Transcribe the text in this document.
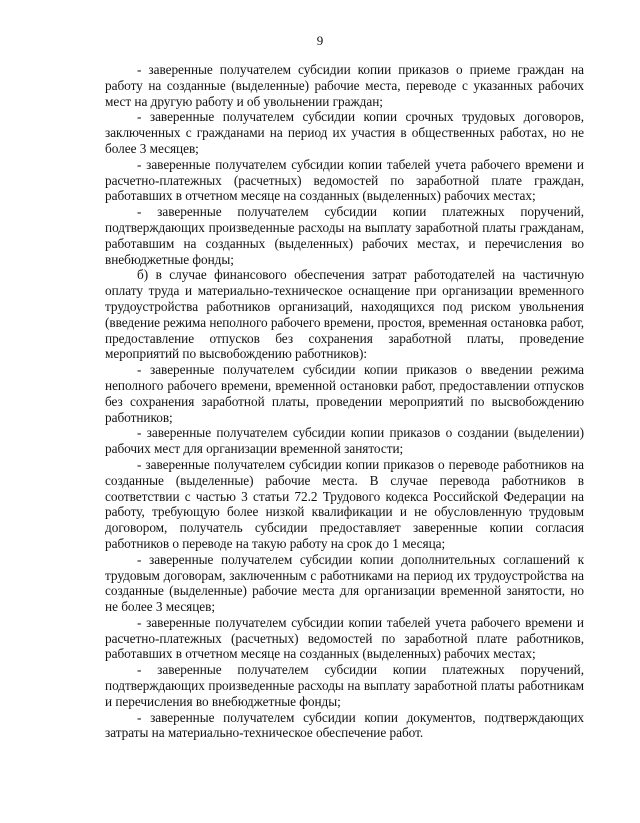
9

- заверенные получателем субсидии копии приказов о приеме граждан на работу на созданные (выделенные) рабочие места, переводе с указанных рабочих мест на другую работу и об увольнении граждан;

- заверенные получателем субсидии копии срочных трудовых договоров, заключенных с гражданами на период их участия в общественных работах, но не более 3 месяцев;

- заверенные получателем субсидии копии табелей учета рабочего времени и расчетно-платежных (расчетных) ведомостей по заработной плате граждан, работавших в отчетном месяце на созданных (выделенных) рабочих местах;

- заверенные получателем субсидии копии платежных поручений, подтверждающих произведенные расходы на выплату заработной платы гражданам, работавшим на созданных (выделенных) рабочих местах, и перечисления во внебюджетные фонды;

б) в случае финансового обеспечения затрат работодателей на частичную оплату труда и материально-техническое оснащение при организации временного трудоустройства работников организаций, находящихся под риском увольнения (введение режима неполного рабочего времени, простоя, временная остановка работ, предоставление отпусков без сохранения заработной платы, проведение мероприятий по высвобождению работников):

- заверенные получателем субсидии копии приказов о введении режима неполного рабочего времени, временной остановки работ, предоставлении отпусков без сохранения заработной платы, проведении мероприятий по высвобождению работников;

- заверенные получателем субсидии копии приказов о создании (выделении) рабочих мест для организации временной занятости;

- заверенные получателем субсидии копии приказов о переводе работников на созданные (выделенные) рабочие места. В случае перевода работников в соответствии с частью 3 статьи 72.2 Трудового кодекса Российской Федерации на работу, требующую более низкой квалификации и не обусловленную трудовым договором, получатель субсидии предоставляет заверенные копии согласия работников о переводе на такую работу на срок до 1 месяца;

- заверенные получателем субсидии копии дополнительных соглашений к трудовым договорам, заключенным с работниками на период их трудоустройства на созданные (выделенные) рабочие места для организации временной занятости, но не более 3 месяцев;

- заверенные получателем субсидии копии табелей учета рабочего времени и расчетно-платежных (расчетных) ведомостей по заработной плате работников, работавших в отчетном месяце на созданных (выделенных) рабочих местах;

- заверенные получателем субсидии копии платежных поручений, подтверждающих произведенные расходы на выплату заработной платы работникам и перечисления во внебюджетные фонды;

- заверенные получателем субсидии копии документов, подтверждающих затраты на материально-техническое обеспечение работ.
